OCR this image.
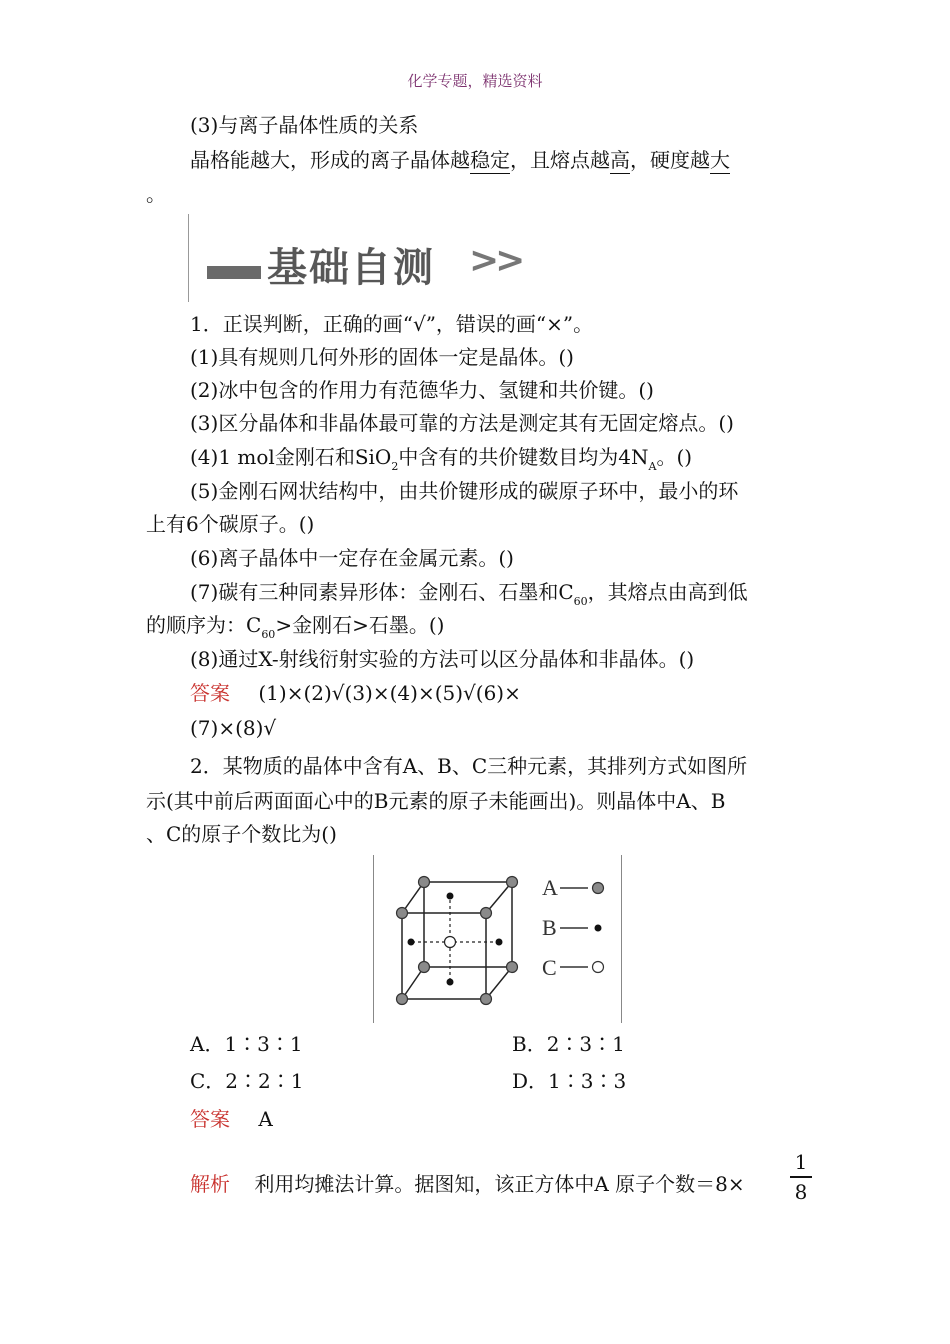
化学专题，精选资料
(3)与离子晶体性质的关系
晶格能越大，形成的离子晶体越稳定，且熔点越高，硬度越大
。
基础自测 >>
1．正误判断，正确的画“√”，错误的画“×”。
(1)具有规则几何外形的固体一定是晶体。()
(2)冰中包含的作用力有范德华力、氢键和共价键。()
(3)区分晶体和非晶体最可靠的方法是测定其有无固定熔点。()
(4)1 mol金刚石和SiO$_2$中含有的共价键数目均为$4N_A$。()
(5)金刚石网状结构中，由共价键形成的碳原子环中，最小的环
上有6个碳原子。()
(6)离子晶体中一定存在金属元素。()
(7)碳有三种同素异形体：金刚石、石墨和$C_{60}$，其熔点由高到低
的顺序为：$C_{60}>$金刚石>石墨。()
(8)通过X-射线衍射实验的方法可以区分晶体和非晶体。()
答案 (1)×(2)√(3)×(4)×(5)√(6)×
(7)×(8)√
2．某物质的晶体中含有A、B、C三种元素，其排列方式如图所
示(其中前后两面面心中的B元素的原子未能画出)。则晶体中A、B
、C的原子个数比为()
A
B
C
A．1∶3∶1	B．2∶3∶1
C．2∶2∶1	D．1∶3∶3
答案 A
解析 利用均摊法计算。据图知，该正方体中A 原子个数＝8×
1
8
